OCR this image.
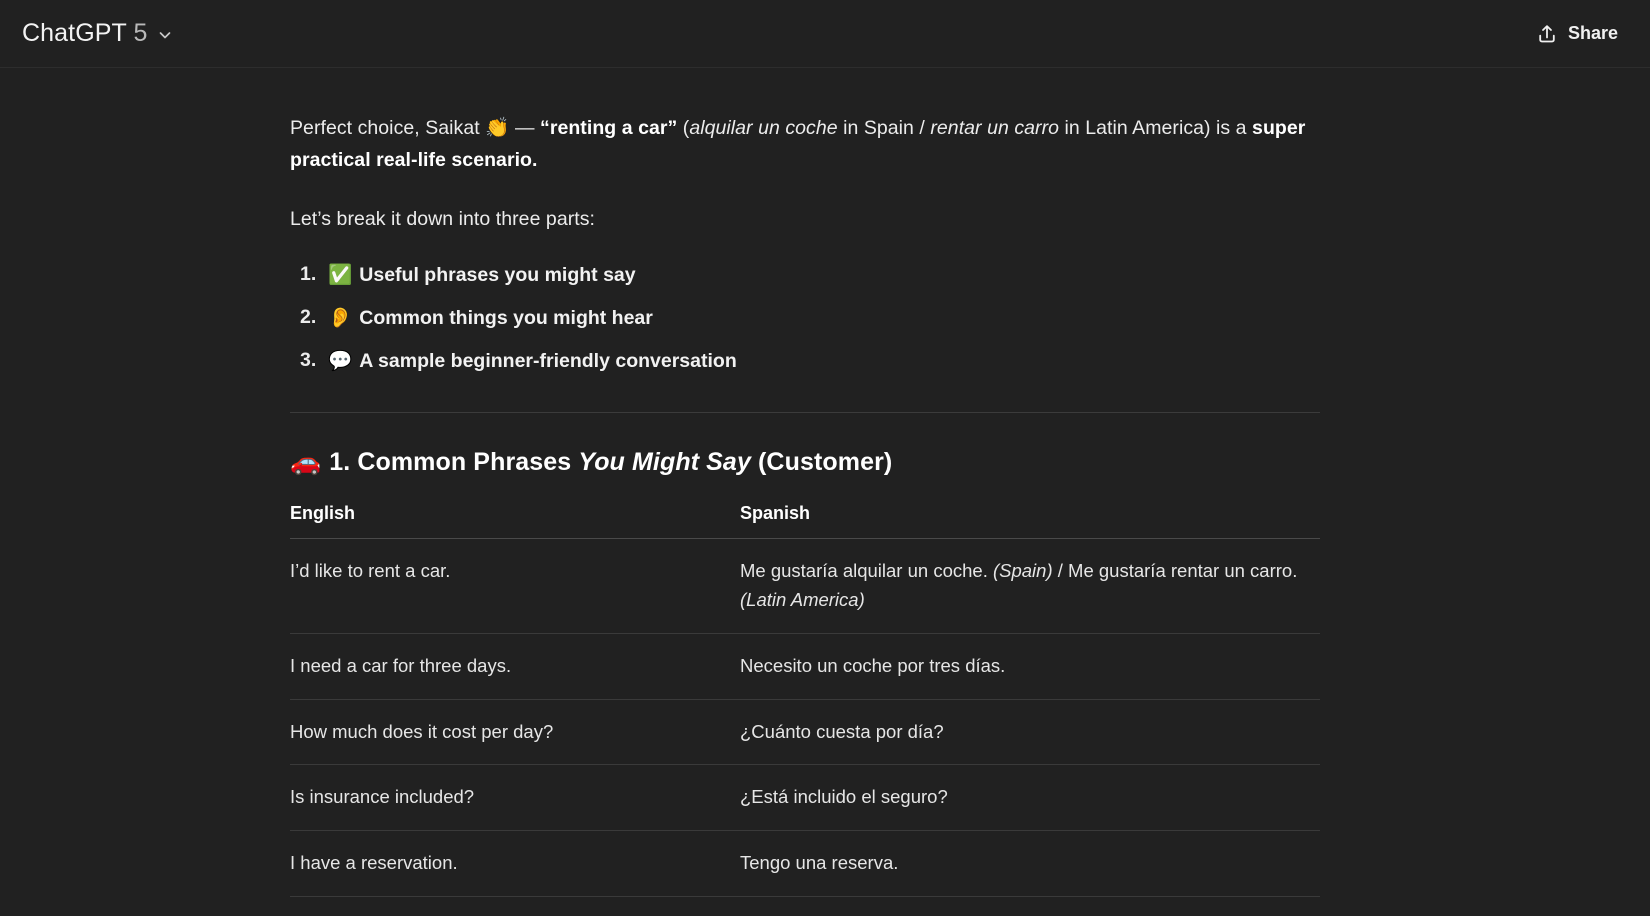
ChatGPT 5	Share

Perfect choice, Saikat 👏 — “renting a car” (alquilar un coche in Spain / rentar un carro in Latin America) is a super practical real-life scenario.

Let’s break it down into three parts:

✅ Useful phrases you might say
👂 Common things you might hear
💬 A sample beginner-friendly conversation
🚗 1. Common Phrases You Might Say (Customer)
English	Spanish
I’d like to rent a car.	Me gustaría alquilar un coche. (Spain) / Me gustaría rentar un carro. (Latin America)
I need a car for three days.	Necesito un coche por tres días.
How much does it cost per day?	¿Cuánto cuesta por día?
Is insurance included?	¿Está incluido el seguro?
I have a reservation.	Tengo una reserva.
